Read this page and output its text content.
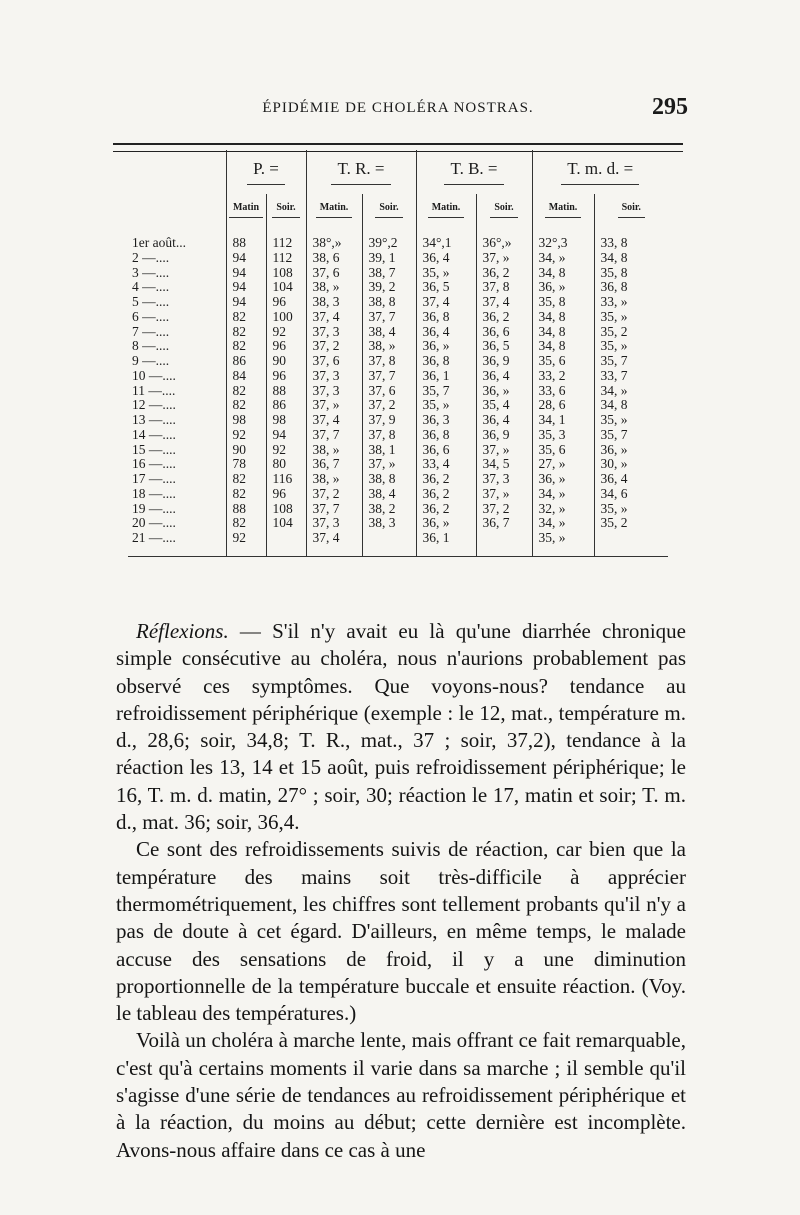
ÉPIDÉMIE DE CHOLÉRA NOSTRAS.	295
	P. =		T. R. =		T. B. =		T. m. d. =	
	Matin	Soir.	Matin.	Soir.	Matin.	Soir.	Matin.	Soir.

1er août...	88	112	38°,»	39°,2	34°,1	36°,»	32°,3	33, 8
2 —....	94	112	38, 6	39, 1	36, 4	37, »	34, »	34, 8
3 —....	94	108	37, 6	38, 7	35, »	36, 2	34, 8	35, 8
4 —....	94	104	38, »	39, 2	36, 5	37, 8	36, »	36, 8
5 —....	94	96	38, 3	38, 8	37, 4	37, 4	35, 8	33, »
6 —....	82	100	37, 4	37, 7	36, 8	36, 2	34, 8	35, »
7 —....	82	92	37, 3	38, 4	36, 4	36, 6	34, 8	35, 2
8 —....	82	96	37, 2	38, »	36, »	36, 5	34, 8	35, »
9 —....	86	90	37, 6	37, 8	36, 8	36, 9	35, 6	35, 7
10 —....	84	96	37, 3	37, 7	36, 1	36, 4	33, 2	33, 7
11 —....	82	88	37, 3	37, 6	35, 7	36, »	33, 6	34, »
12 —....	82	86	37, »	37, 2	35, »	35, 4	28, 6	34, 8
13 —....	98	98	37, 4	37, 9	36, 3	36, 4	34, 1	35, »
14 —....	92	94	37, 7	37, 8	36, 8	36, 9	35, 3	35, 7
15 —....	90	92	38, »	38, 1	36, 6	37, »	35, 6	36, »
16 —....	78	80	36, 7	37, »	33, 4	34, 5	27, »	30, »
17 —....	82	116	38, »	38, 8	36, 2	37, 3	36, »	36, 4
18 —....	82	96	37, 2	38, 4	36, 2	37, »	34, »	34, 6
19 —....	88	108	37, 7	38, 2	36, 2	37, 2	32, »	35, »
20 —....	82	104	37, 3	38, 3	36, »	36, 7	34, »	35, 2
21 —....	92		37, 4		36, 1		35, »	

Réflexions. — S'il n'y avait eu là qu'une diarrhée chronique simple consécutive au choléra, nous n'aurions probablement pas observé ces symptômes. Que voyons-nous? tendance au refroidissement périphérique (exemple : le 12, mat., température m. d., 28,6; soir, 34,8; T. R., mat., 37 ; soir, 37,2), tendance à la réaction les 13, 14 et 15 août, puis refroidissement périphérique; le 16, T. m. d. matin, 27° ; soir, 30; réaction le 17, matin et soir; T. m. d., mat. 36; soir, 36,4.

Ce sont des refroidissements suivis de réaction, car bien que la température des mains soit très-difficile à apprécier thermométriquement, les chiffres sont tellement probants qu'il n'y a pas de doute à cet égard. D'ailleurs, en même temps, le malade accuse des sensations de froid, il y a une diminution proportionnelle de la température buccale et ensuite réaction. (Voy. le tableau des températures.)

Voilà un choléra à marche lente, mais offrant ce fait remarquable, c'est qu'à certains moments il varie dans sa marche ; il semble qu'il s'agisse d'une série de tendances au refroidissement périphérique et à la réaction, du moins au début; cette dernière est incomplète. Avons-nous affaire dans ce cas à une
